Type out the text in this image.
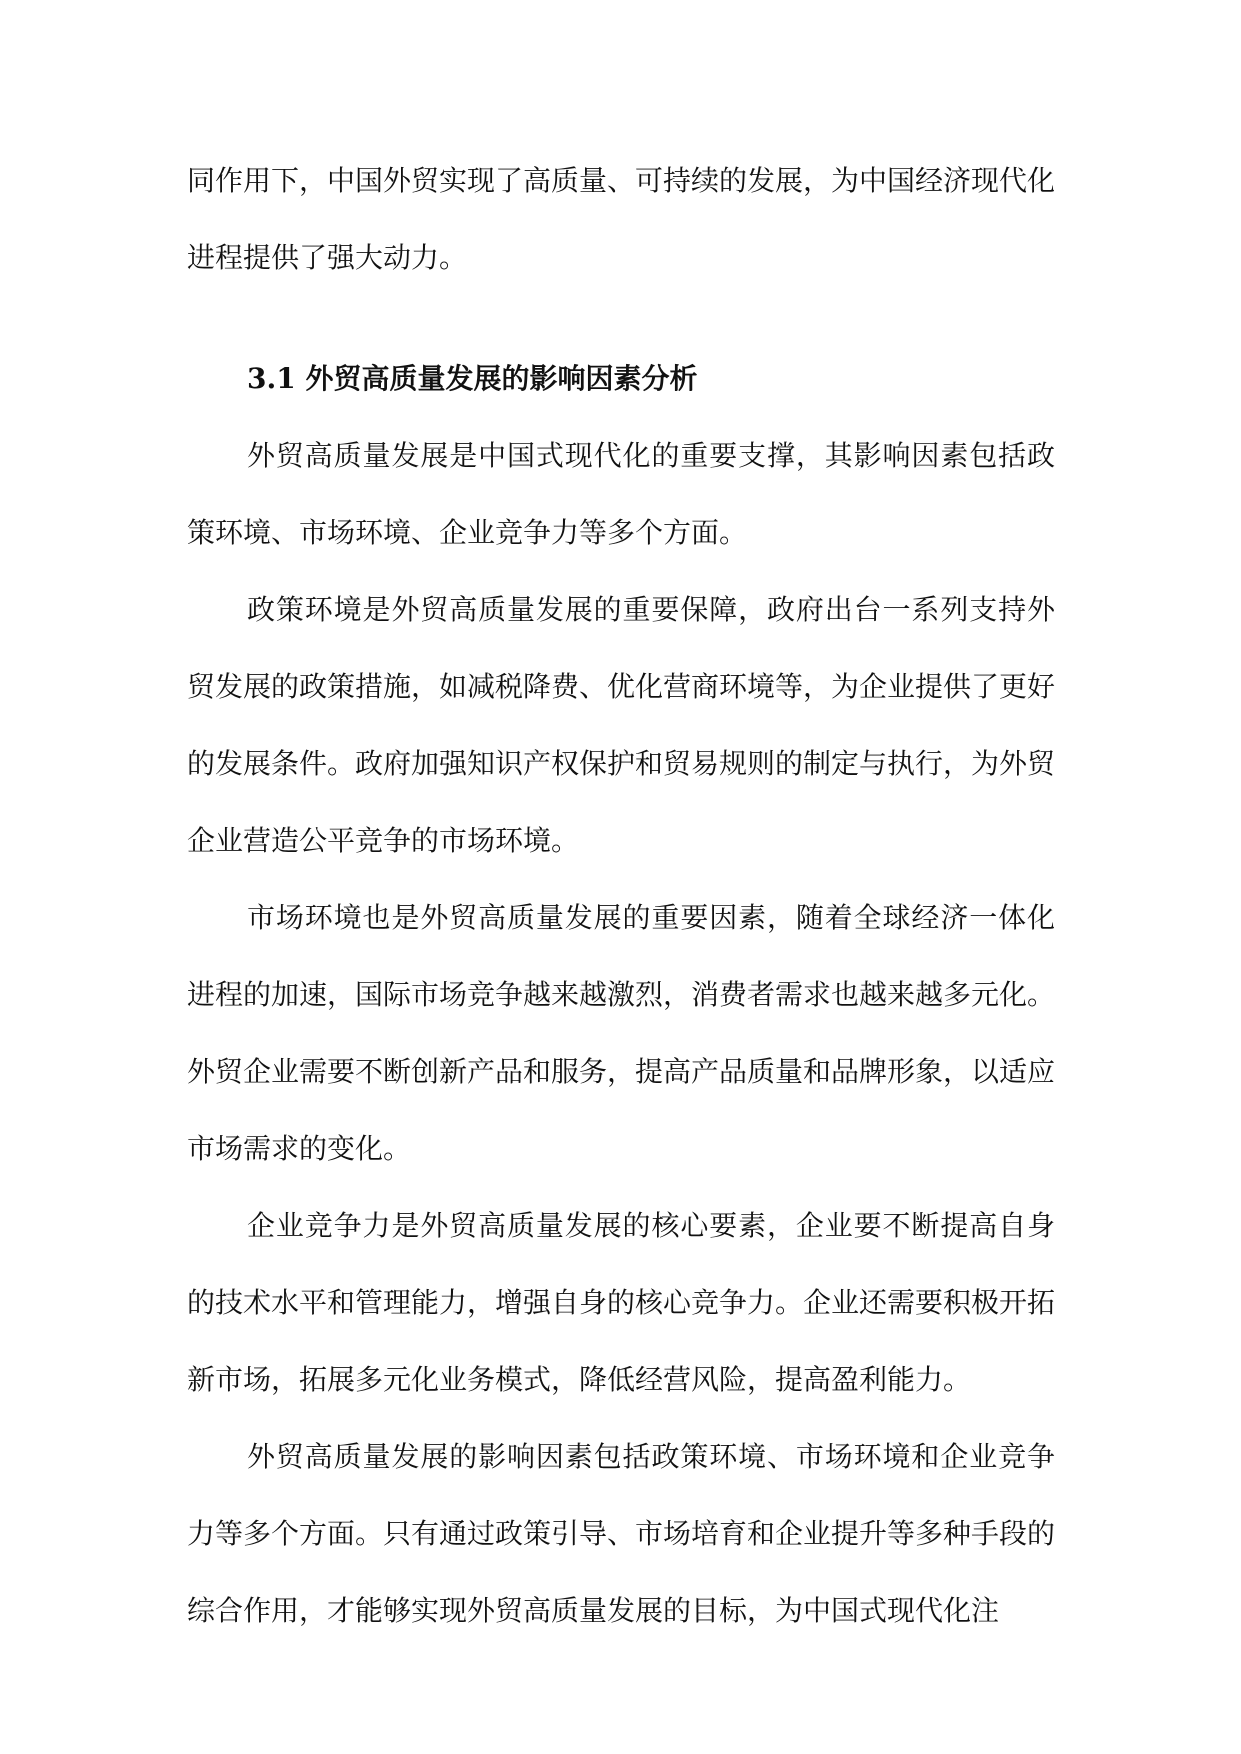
同作用下，中国外贸实现了高质量、可持续的发展，为中国经济现代化进程提供了强大动力。

3.1 外贸高质量发展的影响因素分析

外贸高质量发展是中国式现代化的重要支撑，其影响因素包括政策环境、市场环境、企业竞争力等多个方面。

政策环境是外贸高质量发展的重要保障，政府出台一系列支持外贸发展的政策措施，如减税降费、优化营商环境等，为企业提供了更好的发展条件。政府加强知识产权保护和贸易规则的制定与执行，为外贸企业营造公平竞争的市场环境。

市场环境也是外贸高质量发展的重要因素，随着全球经济一体化进程的加速，国际市场竞争越来越激烈，消费者需求也越来越多元化。外贸企业需要不断创新产品和服务，提高产品质量和品牌形象，以适应市场需求的变化。

企业竞争力是外贸高质量发展的核心要素，企业要不断提高自身的技术水平和管理能力，增强自身的核心竞争力。企业还需要积极开拓新市场，拓展多元化业务模式，降低经营风险，提高盈利能力。

外贸高质量发展的影响因素包括政策环境、市场环境和企业竞争力等多个方面。只有通过政策引导、市场培育和企业提升等多种手段的综合作用，才能够实现外贸高质量发展的目标，为中国式现代化注
